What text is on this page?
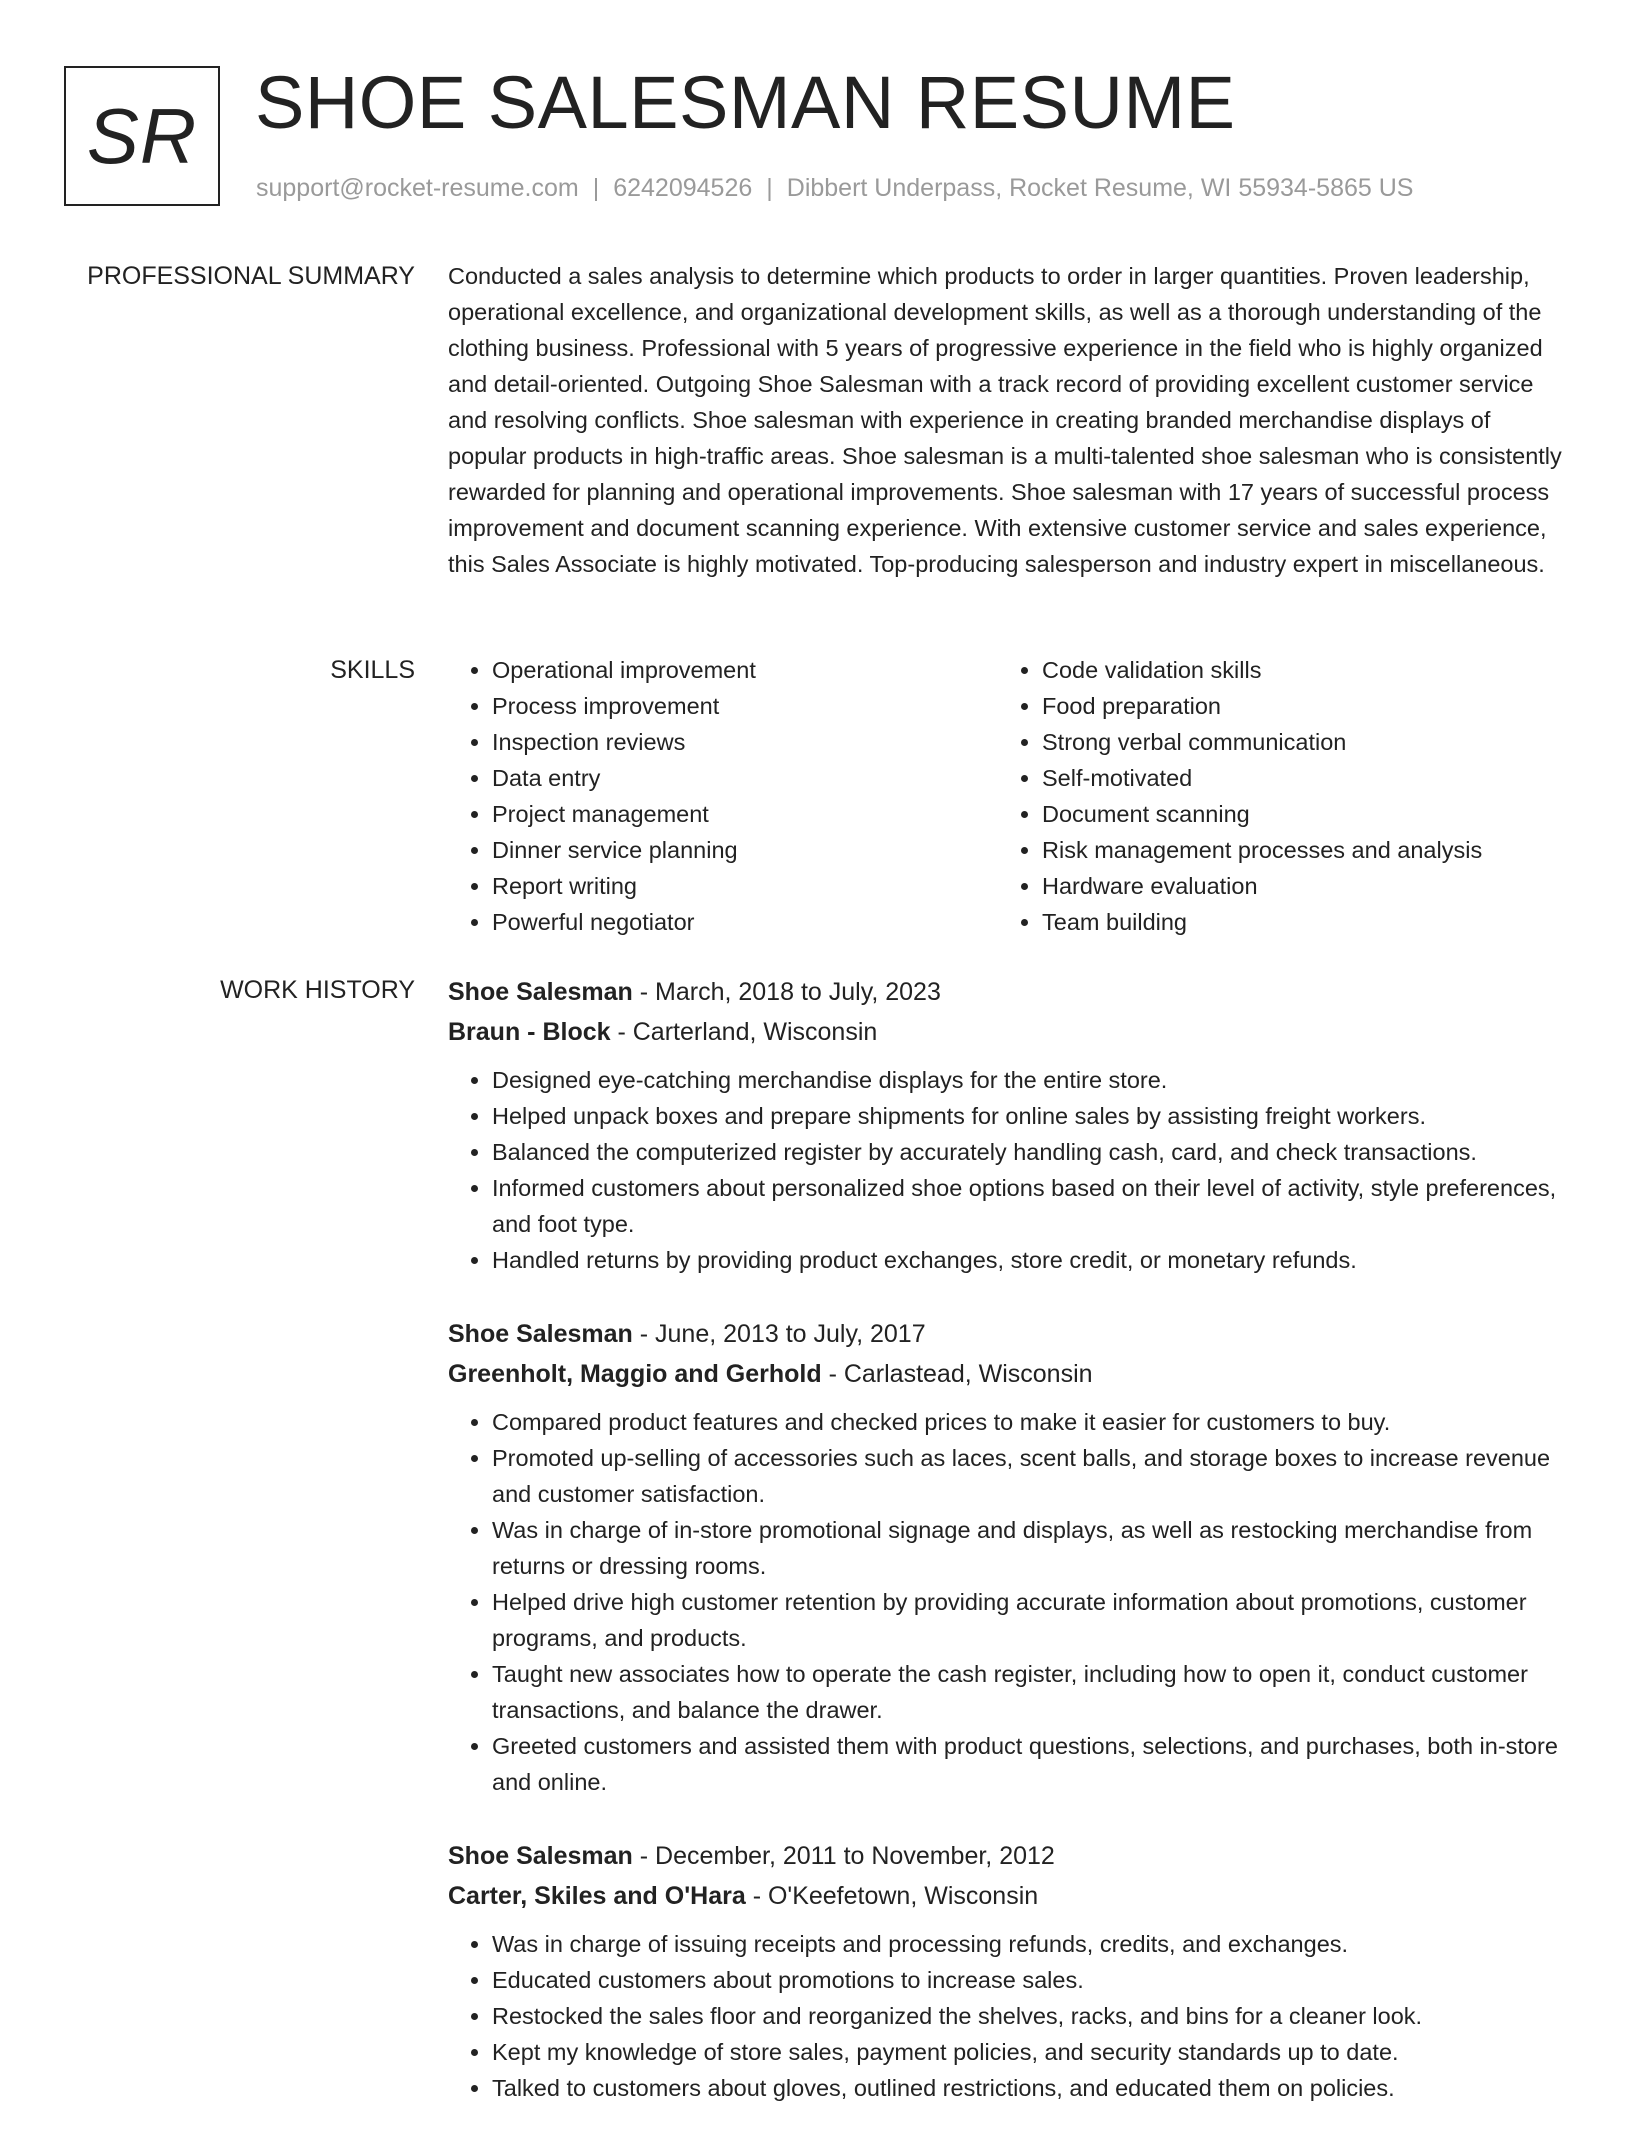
SR SHOE SALESMAN RESUME
support@rocket-resume.com | 6242094526 | Dibbert Underpass, Rocket Resume, WI 55934-5865 US
PROFESSIONAL SUMMARY Conducted a sales analysis to determine which products to order in larger quantities. Proven leadership, operational excellence, and organizational development skills, as well as a thorough understanding of the clothing business. Professional with 5 years of progressive experience in the field who is highly organized and detail-oriented. Outgoing Shoe Salesman with a track record of providing excellent customer service and resolving conflicts. Shoe salesman with experience in creating branded merchandise displays of popular products in high-traffic areas. Shoe salesman is a multi-talented shoe salesman who is consistently rewarded for planning and operational improvements. Shoe salesman with 17 years of successful process improvement and document scanning experience. With extensive customer service and sales experience, this Sales Associate is highly motivated. Top-producing salesperson and industry expert in miscellaneous.

SKILLS
•	Operational improvement
• Process improvement
• Inspection reviews
• Data entry
• Project management
• Dinner service planning
• Report writing
• Powerful negotiator
• Code validation skills
• Food preparation
• Strong verbal communication
• Self-motivated
• Document scanning
• Risk management processes and analysis
• Hardware evaluation
• Team building
WORK HISTORY Shoe Salesman - March, 2018 to July, 2023
Braun - Block - Carterland, Wisconsin
• Designed eye-catching merchandise displays for the entire store.
• Helped unpack boxes and prepare shipments for online sales by assisting freight workers.
• Balanced the computerized register by accurately handling cash, card, and check transactions.
• Informed customers about personalized shoe options based on their level of activity, style preferences, and foot type.
• Handled returns by providing product exchanges, store credit, or monetary refunds.
Shoe Salesman - June, 2013 to July, 2017
Greenholt, Maggio and Gerhold - Carlastead, Wisconsin
• Compared product features and checked prices to make it easier for customers to buy.
• Promoted up-selling of accessories such as laces, scent balls, and storage boxes to increase revenue and customer satisfaction.
• Was in charge of in-store promotional signage and displays, as well as restocking merchandise from returns or dressing rooms.
• Helped drive high customer retention by providing accurate information about promotions, customer programs, and products.
• Taught new associates how to operate the cash register, including how to open it, conduct customer transactions, and balance the drawer.
• Greeted customers and assisted them with product questions, selections, and purchases, both in-store and online.
Shoe Salesman - December, 2011 to November, 2012
Carter, Skiles and O'Hara - O'Keefetown, Wisconsin
• Was in charge of issuing receipts and processing refunds, credits, and exchanges.
• Educated customers about promotions to increase sales.
• Restocked the sales floor and reorganized the shelves, racks, and bins for a cleaner look.
• Kept my knowledge of store sales, payment policies, and security standards up to date.
• Talked to customers about gloves, outlined restrictions, and educated them on policies.
